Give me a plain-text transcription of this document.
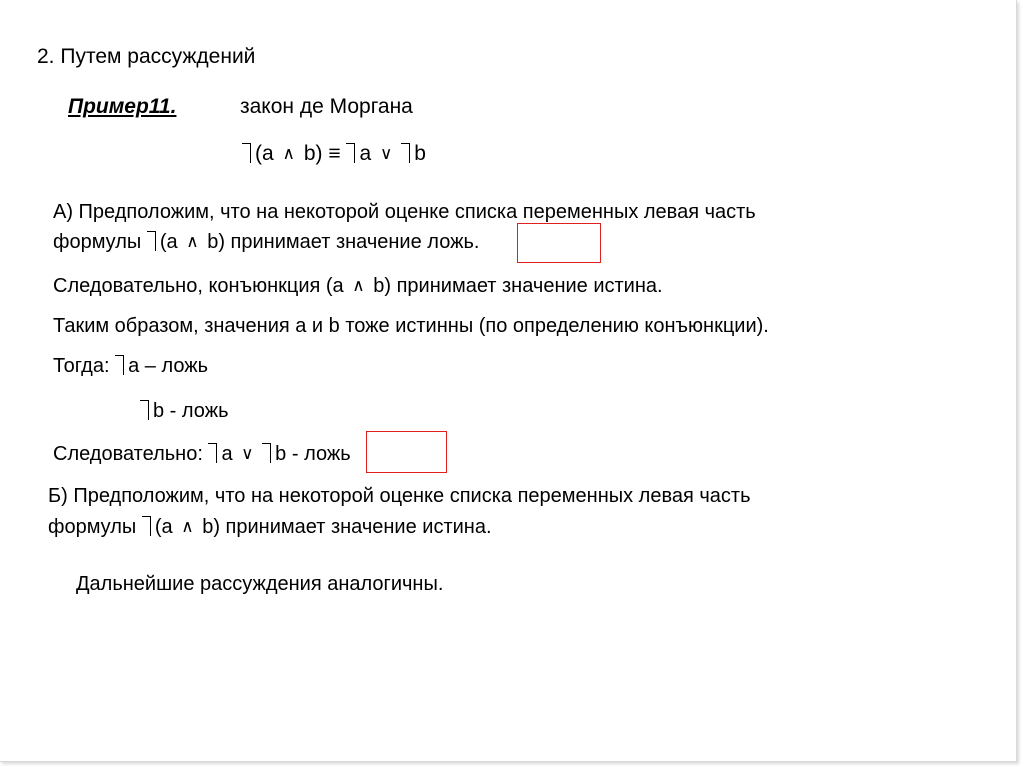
2. Путем рассуждений
Пример11.	закон де Моргана
(a ∧ b) ≡ a ∨ b
А) Предположим, что на некоторой оценке списка переменных левая часть
формулы (a ∧ b) принимает значение ложь.
Следовательно, конъюнкция (a ∧ b) принимает значение истина.
Таким образом, значения a и b тоже истинны (по определению конъюнкции).
Тогда: a – ложь
b - ложь
Следовательно: a ∨ b - ложь
Б) Предположим, что на некоторой оценке списка переменных левая часть
формулы (a ∧ b) принимает значение истина.
Дальнейшие рассуждения аналогичны.
